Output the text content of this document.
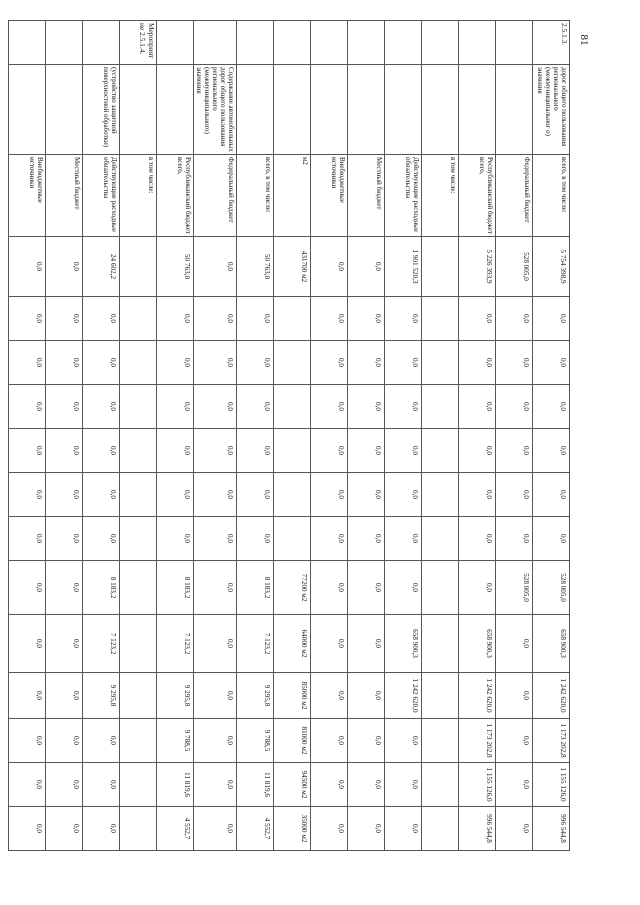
81
2.5.1.3.	дорог общего пользования регионального (межмуниципальног о) значения	всего, в том числе:	5 754 398,9	0,0	0,0	0,0	0,0	0,0	0,0	528 005,0	658 900,3	1 242 620,0	1 173 202,8	1 155 126,0	996 544,8
		Федеральный бюджет	528 005,0	0,0	0,0	0,0	0,0	0,0	0,0	528 005,0	0,0	0,0	0,0	0,0	0,0
		Республиканский бюджет всего,	5 226 393,9	0,0	0,0	0,0	0,0	0,0	0,0	0,0	658 900,3	1 242 620,0	1 173 202,8	1 155 126,0	996 544,8
		в том числе:													
		Действующие расходные обязательства	1 901 520,3	0,0	0,0	0,0	0,0	0,0	0,0	0,0	658 900,3	1 242 620,0	0,0	0,0	0,0
		Местный бюджет	0,0	0,0	0,0	0,0	0,0	0,0	0,0	0,0	0,0	0,0	0,0	0,0	0,0
		Внебюджетные источники	0,0	0,0	0,0	0,0	0,0	0,0	0,0	0,0	0,0	0,0	0,0	0,0	0,0
		м2	431700 м2							77200 м2	64000 м2	85000 м2	81000 м2	94500 м2	35000 м2
		всего, в том числе:	50 763,0	0,0	0,0	0,0	0,0	0,0	0,0	8 183,2	7 123,2	9 295,8	9 788,5	11 819,6	4 552,7
	Содержание автомобильных дорог общего пользования регионального (межмуниципального) значения	Федеральный бюджет	0,0	0,0	0,0	0,0	0,0	0,0	0,0	0,0	0,0	0,0	0,0	0,0	0,0
		Республиканский бюджет всего,	50 763,0	0,0	0,0	0,0	0,0	0,0	0,0	8 183,2	7 123,2	9 295,8	9 788,5	11 819,6	4 552,7
Мероприятие 2.5.1.4.		в том числе:													
	(устройство защитной поверхностной обработки)	Действующие расходные обязательства	24 602,2	0,0	0,0	0,0	0,0	0,0	0,0	8 183,2	7 123,2	9 295,8	0,0	0,0	0,0
		Местный бюджет	0,0	0,0	0,0	0,0	0,0	0,0	0,0	0,0	0,0	0,0	0,0	0,0	0,0
		Внебюджетные источники	0,0	0,0	0,0	0,0	0,0	0,0	0,0	0,0	0,0	0,0	0,0	0,0	0,0
